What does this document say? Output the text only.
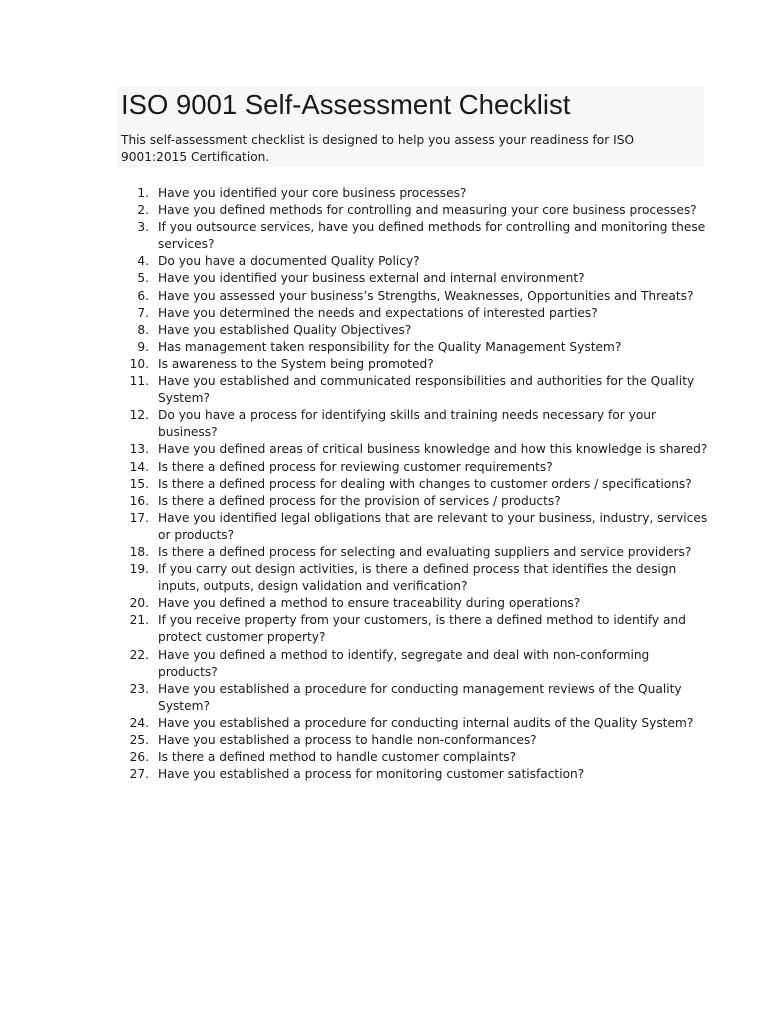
ISO 9001 Self-Assessment Checklist

This self-assessment checklist is designed to help you assess your readiness for ISO 9001:2015 Certification.

1. Have you identified your core business processes?
2. Have you defined methods for controlling and measuring your core business processes?
3. If you outsource services, have you defined methods for controlling and monitoring these services?
4. Do you have a documented Quality Policy?
5. Have you identified your business external and internal environment?
6. Have you assessed your business’s Strengths, Weaknesses, Opportunities and Threats?
7. Have you determined the needs and expectations of interested parties?
8. Have you established Quality Objectives?
9. Has management taken responsibility for the Quality Management System?
10. Is awareness to the System being promoted?
11. Have you established and communicated responsibilities and authorities for the Quality System?
12. Do you have a process for identifying skills and training needs necessary for your business?
13. Have you defined areas of critical business knowledge and how this knowledge is shared?
14. Is there a defined process for reviewing customer requirements?
15. Is there a defined process for dealing with changes to customer orders / specifications?
16. Is there a defined process for the provision of services / products?
17. Have you identified legal obligations that are relevant to your business, industry, services or products?
18. Is there a defined process for selecting and evaluating suppliers and service providers?
19. If you carry out design activities, is there a defined process that identifies the design inputs, outputs, design validation and verification?
20. Have you defined a method to ensure traceability during operations?
21. If you receive property from your customers, is there a defined method to identify and protect customer property?
22. Have you defined a method to identify, segregate and deal with non-conforming products?
23. Have you established a procedure for conducting management reviews of the Quality System?
24. Have you established a procedure for conducting internal audits of the Quality System?
25. Have you established a process to handle non-conformances?
26. Is there a defined method to handle customer complaints?
27. Have you established a process for monitoring customer satisfaction?
